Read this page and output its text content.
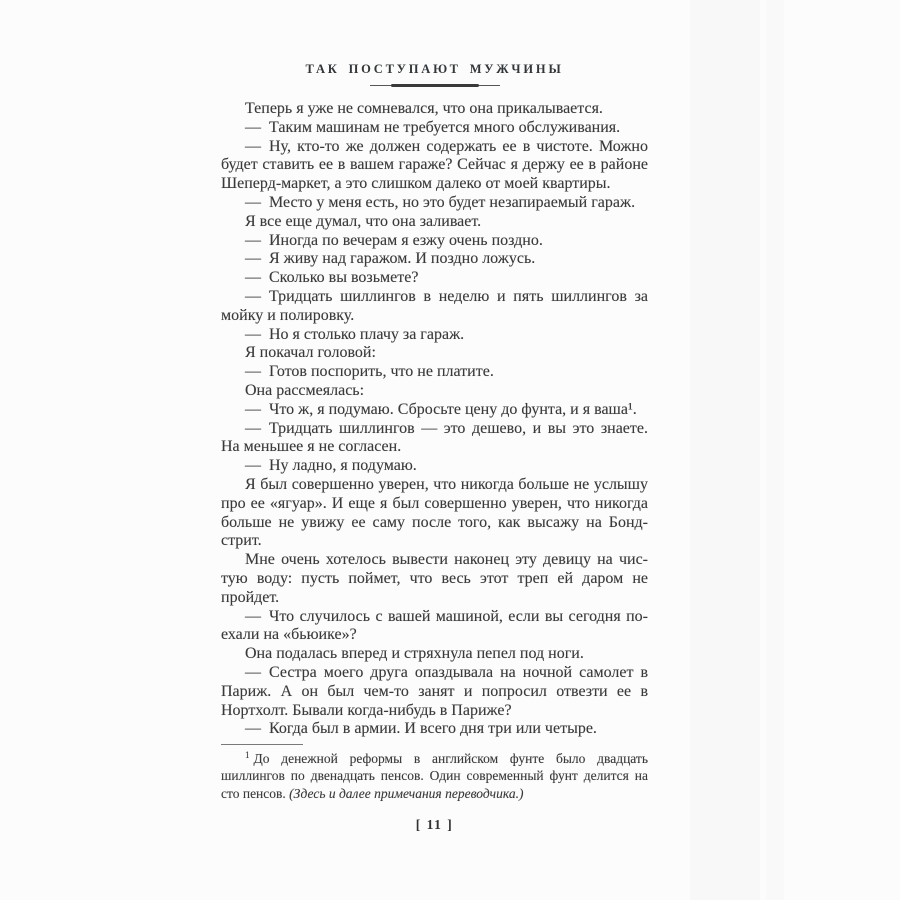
ТАК ПОСТУПАЮТ МУЖЧИНЫ

Теперь я уже не сомневался, что она прикалывается.

— Таким машинам не требуется много обслуживания.

— Ну, кто-то же должен содержать ее в чистоте. Можно будет ставить ее в вашем гараже? Сейчас я держу ее в районе Шеперд-маркет, а это слишком далеко от моей квартиры.

— Место у меня есть, но это будет незапираемый гараж.

Я все еще думал, что она заливает.

— Иногда по вечерам я езжу очень поздно.

— Я живу над гаражом. И поздно ложусь.

— Сколько вы возьмете?

— Тридцать шиллингов в неделю и пять шиллингов за мойку и полировку.

— Но я столько плачу за гараж.

Я покачал головой:

— Готов поспорить, что не платите.

Она рассмеялась:

— Что ж, я подумаю. Сбросьте цену до фунта, и я ваша¹.

— Тридцать шиллингов — это дешево, и вы это знаете. На меньшее я не согласен.

— Ну ладно, я подумаю.

Я был совершенно уверен, что никогда больше не услышу про ее «ягуар». И еще я был совершенно уверен, что никогда больше не увижу ее саму после того, как высажу на Бонд-стрит.

Мне очень хотелось вывести наконец эту девицу на чистую воду: пусть поймет, что весь этот треп ей даром не пройдет.

— Что случилось с вашей машиной, если вы сегодня поехали на «бьюике»?

Она подалась вперед и стряхнула пепел под ноги.

— Сестра моего друга опаздывала на ночной самолет в Париж. А он был чем-то занят и попросил отвезти ее в Нортхолт. Бывали когда-нибудь в Париже?

— Когда был в армии. И всего дня три или четыре.

$^1$ До денежной реформы в английском фунте было двадцать шиллингов по двенадцать пенсов. Один современный фунт делится на сто пенсов. (Здесь и далее примечания переводчика.)

[ 11 ]
